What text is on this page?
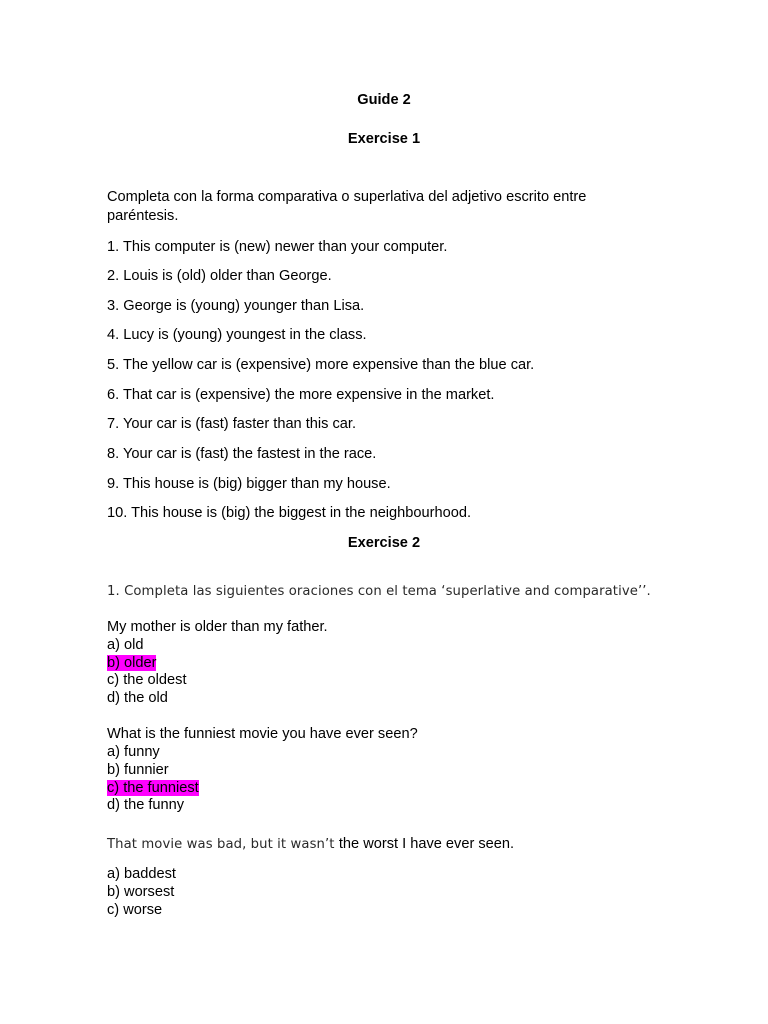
Guide 2
Exercise 1
Completa con la forma comparativa o superlativa del adjetivo escrito entre paréntesis.
1. This computer is (new) newer than your computer.
2. Louis is (old) older than George.
3. George is (young) younger than Lisa.
4. Lucy is (young) youngest in the class.
5. The yellow car is (expensive) more expensive than the blue car.
6. That car is (expensive) the more expensive in the market.
7. Your car is (fast) faster than this car.
8. Your car is (fast) the fastest in the race.
9. This house is (big) bigger than my house.
10. This house is (big) the biggest in the neighbourhood.
Exercise 2
1. Completa las siguientes oraciones con el tema ‘superlative and comparative’’.
My mother is older than my father.
a) old
b) older
c) the oldest
d) the old
What is the funniest movie you have ever seen?
a) funny
b) funnier
c) the funniest
d) the funny
That movie was bad, but it wasn’t the worst I have ever seen.
a) baddest
b) worsest
c) worse
